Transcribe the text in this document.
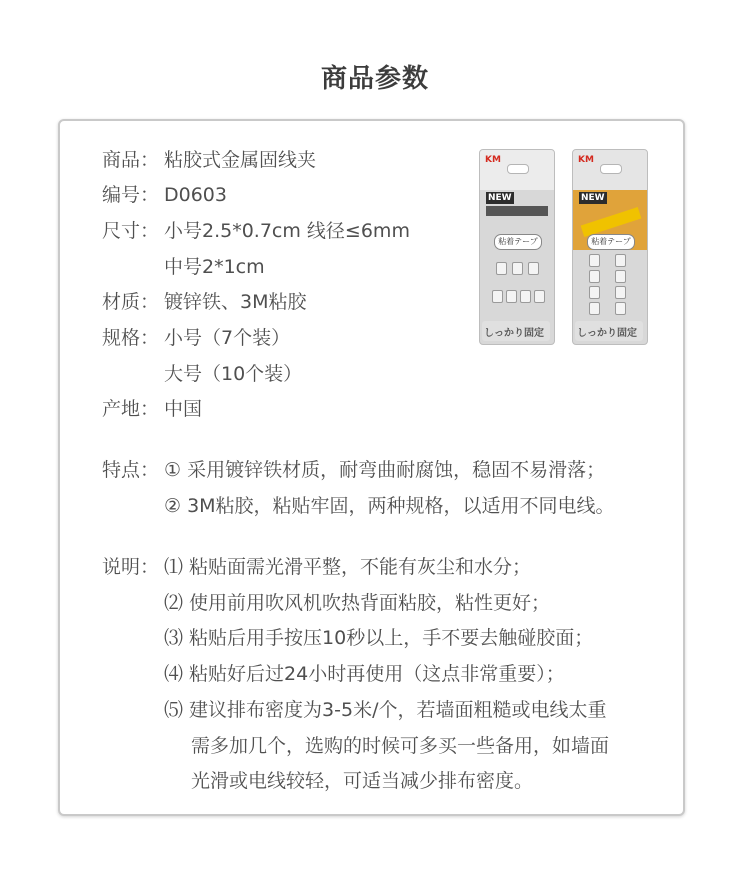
商品参数
商品： 粘胶式金属固线夹
编号： D0603
尺寸： 小号2.5*0.7cm 线径≤6mm
中号2*1cm
材质： 镀锌铁、3M粘胶
规格： 小号（7个装）
大号（10个装）
产地： 中国
特点： ① 采用镀锌铁材质，耐弯曲耐腐蚀，稳固不易滑落；
② 3M粘胶，粘贴牢固，两种规格，以适用不同电线。
说明： ⑴ 粘贴面需光滑平整，不能有灰尘和水分；
⑵ 使用前用吹风机吹热背面粘胶，粘性更好；
⑶ 粘贴后用手按压10秒以上，手不要去触碰胶面；
⑷ 粘贴好后过24小时再使用（这点非常重要）；
⑸ 建议排布密度为3-5米/个，若墙面粗糙或电线太重
需多加几个，选购的时候可多买一些备用，如墙面
光滑或电线较轻，可适当减少排布密度。
KM
NEW
粘着テープ
しっかり固定
KM
NEW
粘着テープ
しっかり固定
